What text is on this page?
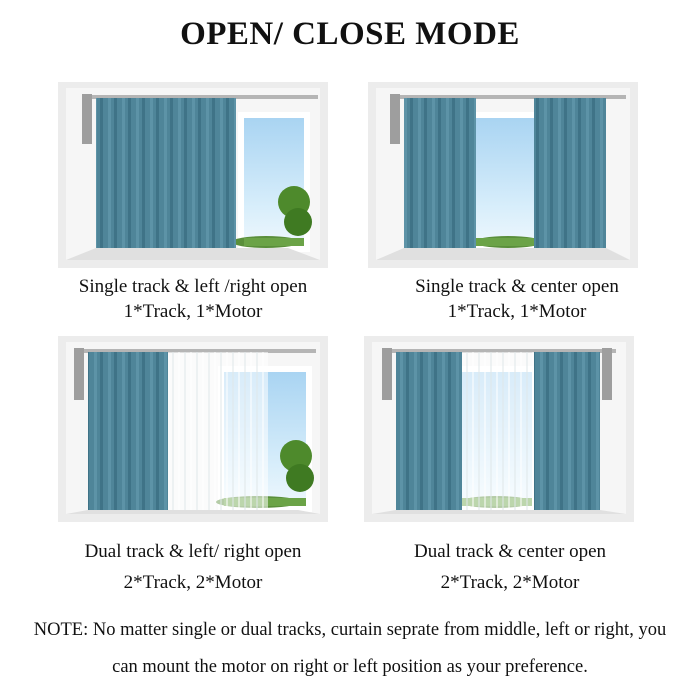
OPEN/ CLOSE MODE
Single track & left /right open
1*Track, 1*Motor
Single track & center open
1*Track, 1*Motor
Dual track & left/ right open
2*Track, 2*Motor
Dual track & center open
2*Track, 2*Motor
NOTE: No matter single or dual tracks, curtain seprate from middle, left or right, you can mount the motor on right or left position as your preference.
